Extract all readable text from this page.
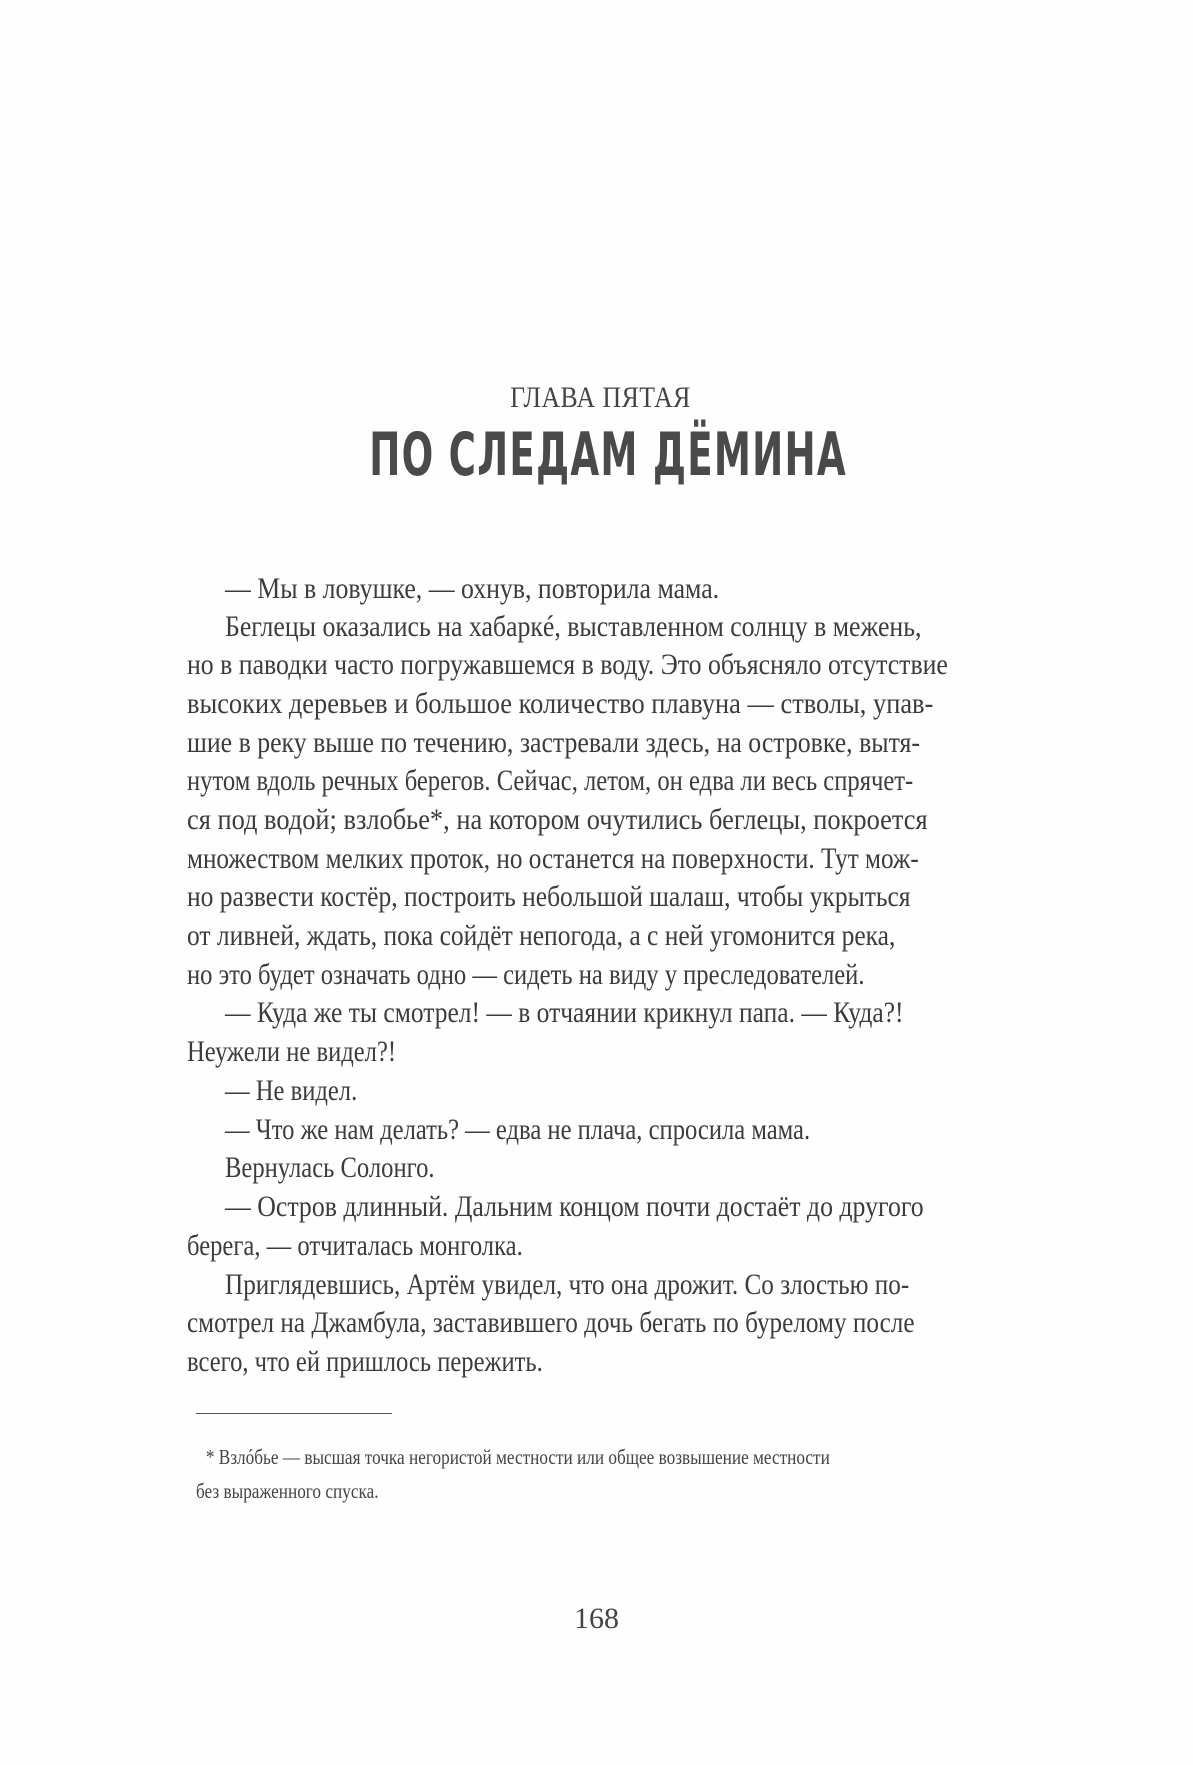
ГЛАВА ПЯТАЯ
ПО СЛЕДАМ ДЁМИНА
— Мы в ловушке, — охнув, повторила мама.
Беглецы оказались на хабаркé, выставленном солнцу в межень,
но в паводки часто погружавшемся в воду. Это объясняло отсутствие
высоких деревьев и большое количество плавуна — стволы, упав-
шие в реку выше по течению, застревали здесь, на островке, вытя-
нутом вдоль речных берегов. Сейчас, летом, он едва ли весь спрячет-
ся под водой; взлобье*, на котором очутились беглецы, покроется
множеством мелких проток, но останется на поверхности. Тут мож-
но развести костёр, построить небольшой шалаш, чтобы укрыться
от ливней, ждать, пока сойдёт непогода, а с ней угомонится река,
но это будет означать одно — сидеть на виду у преследователей.
— Куда же ты смотрел! — в отчаянии крикнул папа. — Куда?!
Неужели не видел?!
— Не видел.
— Что же нам делать? — едва не плача, спросила мама.
Вернулась Солонго.
— Остров длинный. Дальним концом почти достаёт до другого
берега, — отчиталась монголка.
Приглядевшись, Артём увидел, что она дрожит. Со злостью по-
смотрел на Джамбула, заставившего дочь бегать по бурелому после
всего, что ей пришлось пережить.
* Взлóбье — высшая точка негористой местности или общее возвышение местности
без выраженного спуска.
168
